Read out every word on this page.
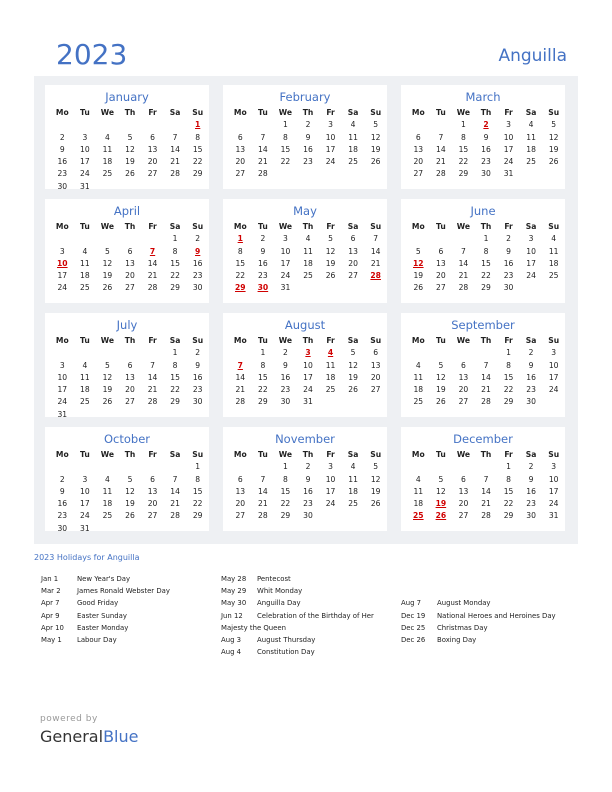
2023	Anguilla
January
Mo	Tu	We	Th	Fr	Sa	Su
						1
2	3	4	5	6	7	8
9	10	11	12	13	14	15
16	17	18	19	20	21	22
23	24	25	26	27	28	29
30	31					
February
Mo	Tu	We	Th	Fr	Sa	Su
		1	2	3	4	5
6	7	8	9	10	11	12
13	14	15	16	17	18	19
20	21	22	23	24	25	26
27	28					
March
Mo	Tu	We	Th	Fr	Sa	Su
		1	2	3	4	5
6	7	8	9	10	11	12
13	14	15	16	17	18	19
20	21	22	23	24	25	26
27	28	29	30	31		
April
Mo	Tu	We	Th	Fr	Sa	Su
					1	2
3	4	5	6	7	8	9
10	11	12	13	14	15	16
17	18	19	20	21	22	23
24	25	26	27	28	29	30
May
Mo	Tu	We	Th	Fr	Sa	Su
1	2	3	4	5	6	7
8	9	10	11	12	13	14
15	16	17	18	19	20	21
22	23	24	25	26	27	28
29	30	31				
June
Mo	Tu	We	Th	Fr	Sa	Su
			1	2	3	4
5	6	7	8	9	10	11
12	13	14	15	16	17	18
19	20	21	22	23	24	25
26	27	28	29	30		
July
Mo	Tu	We	Th	Fr	Sa	Su
					1	2
3	4	5	6	7	8	9
10	11	12	13	14	15	16
17	18	19	20	21	22	23
24	25	26	27	28	29	30
31						
August
Mo	Tu	We	Th	Fr	Sa	Su
	1	2	3	4	5	6
7	8	9	10	11	12	13
14	15	16	17	18	19	20
21	22	23	24	25	26	27
28	29	30	31			
September
Mo	Tu	We	Th	Fr	Sa	Su
				1	2	3
4	5	6	7	8	9	10
11	12	13	14	15	16	17
18	19	20	21	22	23	24
25	26	27	28	29	30	
October
Mo	Tu	We	Th	Fr	Sa	Su
						1
2	3	4	5	6	7	8
9	10	11	12	13	14	15
16	17	18	19	20	21	22
23	24	25	26	27	28	29
30	31					
November
Mo	Tu	We	Th	Fr	Sa	Su
		1	2	3	4	5
6	7	8	9	10	11	12
13	14	15	16	17	18	19
20	21	22	23	24	25	26
27	28	29	30			
December
Mo	Tu	We	Th	Fr	Sa	Su
				1	2	3
4	5	6	7	8	9	10
11	12	13	14	15	16	17
18	19	20	21	22	23	24
25	26	27	28	29	30	31
2023 Holidays for Anguilla
Jan 1	New Year's Day
Mar 2 James Ronald Webster Day
Apr 7	Good Friday
Apr 9	Easter Sunday
Apr 10 Easter Monday
May 1 Labour Day
May 28 Pentecost
May 29 Whit Monday
May 30 Anguilla Day
Jun 12 Celebration of the Birthday of Her
Majesty the Queen
Aug 3 August Thursday
Aug 4 Constitution Day
Aug 7 August Monday
Dec 19 National Heroes and Heroines Day
Dec 25 Christmas Day
Dec 26 Boxing Day
powered by
GeneralBlue
